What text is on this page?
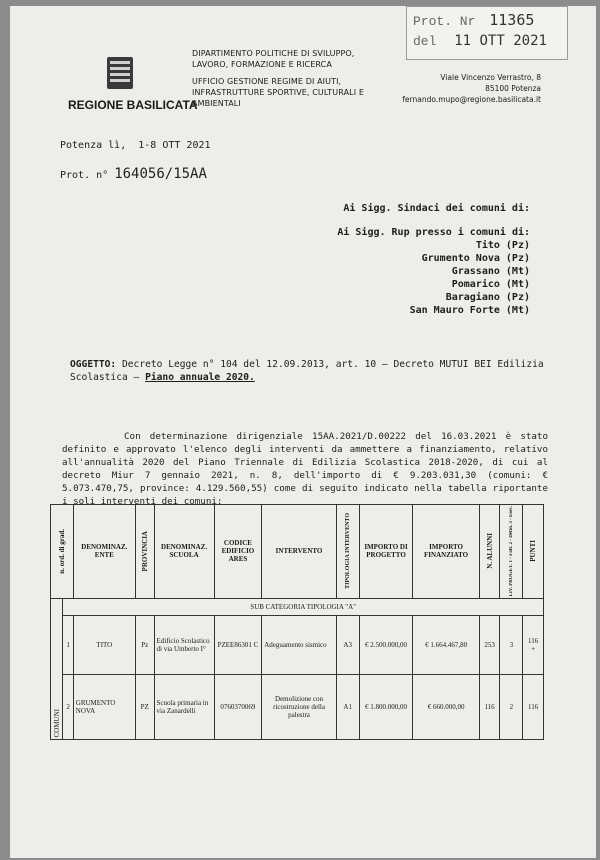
Prot. Nr 11365
del 11 OTT 2021
REGIONE BASILICATA
DIPARTIMENTO POLITICHE DI SVILUPPO,
LAVORO, FORMAZIONE E RICERCA
UFFICIO GESTIONE REGIME DI AIUTI,
INFRASTRUTTURE SPORTIVE, CULTURALI E
AMBIENTALI
Viale Vincenzo Verrastro, 8
85100 Potenza
fernando.mupo@regione.basilicata.it
Potenza lì, 1-8 OTT 2021
Prot. n° 164056/15AA
Ai Sigg. Sindaci dei comuni di:
Ai Sigg. Rup presso i comuni di:
Tito (Pz)
Grumento Nova (Pz)
Grassano (Mt)
Pomarico (Mt)
Baragiano (Pz)
San Mauro Forte (Mt)
OGGETTO: Decreto Legge n° 104 del 12.09.2013, art. 10 – Decreto MUTUI BEI Edilizia Scolastica – Piano annuale 2020.
Con determinazione dirigenziale 15AA.2021/D.00222 del 16.03.2021 è stato definito e approvato l'elenco degli interventi da ammettere a finanziamento, relativo all'annualità 2020 del Piano Triennale di Edilizia Scolastica 2018-2020, di cui al decreto Miur 7 gennaio 2021, n. 8, dell'importo di € 9.203.031,30 (comuni: € 5.073.470,75, province: 4.129.560,55) come di seguito indicato nella tabella riportante i soli interventi dei comuni:
n. ord. di grad.		DENOMINAZ. ENTE	PROVINCIA	DENOMINAZ. SCUOLA	CODICE EDIFICIO ARES	INTERVENTO	TIPOLOGIA INTERVENTO	IMPORTO DI PROGETTO	IMPORTO FINANZIATO	N. ALUNNI	LIV. PROGET. 1 - Fatt. 2 - Defin. 3 - Esec.	PUNTI

COMUNI	SUB CATEGORIA TIPOLOGIA "A"											
	1	TITO	Pz	Edificio Scolastico di via Umberto I°	PZEE86301 C	Adeguamento sismico	A3	€ 2.500.000,00	€ 1.664.467,80	253	3	116 +
	2	GRUMENTO NOVA	PZ	Scuola primaria in via Zanardelli	0760370069	Demolizione con ricostruzione della palestra	A1	€ 1.800.000,00	€ 660.000,00	116	2	116
